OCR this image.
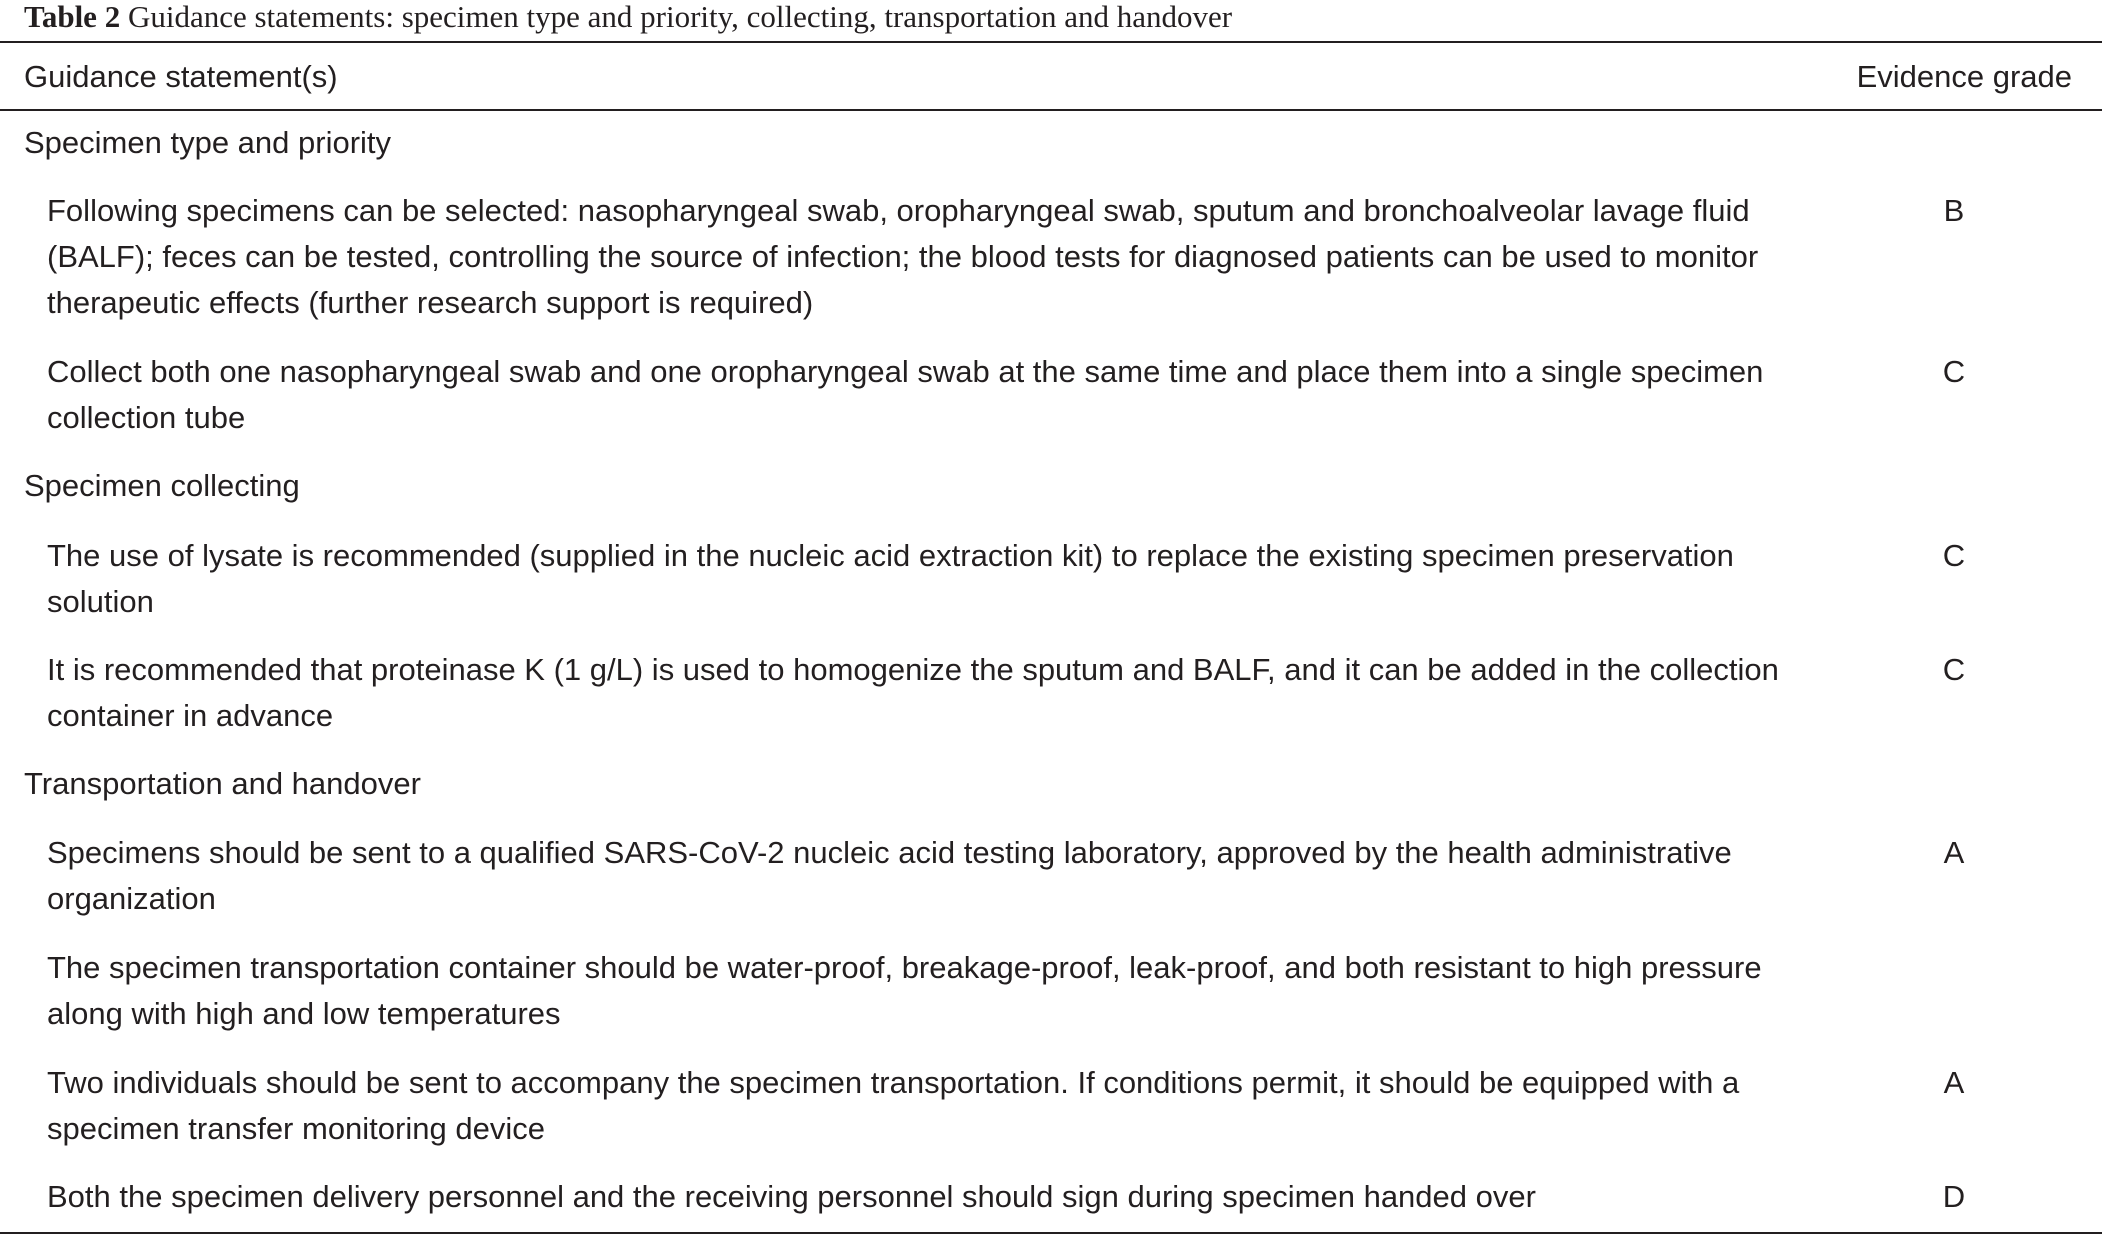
Table 2 Guidance statements: specimen type and priority, collecting, transportation and handover
Guidance statement(s)	Evidence grade
Specimen type and priority
Following specimens can be selected: nasopharyngeal swab, oropharyngeal swab, sputum and bronchoalveolar lavage fluid (BALF); feces can be tested, controlling the source of infection; the blood tests for diagnosed patients can be used to monitor therapeutic effects (further research support is required)
B
Collect both one nasopharyngeal swab and one oropharyngeal swab at the same time and place them into a single specimen collection tube
C
Specimen collecting
The use of lysate is recommended (supplied in the nucleic acid extraction kit) to replace the existing specimen preservation solution
C
It is recommended that proteinase K (1 g/L) is used to homogenize the sputum and BALF, and it can be added in the collection container in advance
C
Transportation and handover
Specimens should be sent to a qualified SARS-CoV-2 nucleic acid testing laboratory, approved by the health administrative organization
A
The specimen transportation container should be water-proof, breakage-proof, leak-proof, and both resistant to high pressure along with high and low temperatures
Two individuals should be sent to accompany the specimen transportation. If conditions permit, it should be equipped with a specimen transfer monitoring device
A
Both the specimen delivery personnel and the receiving personnel should sign during specimen handed over	D
